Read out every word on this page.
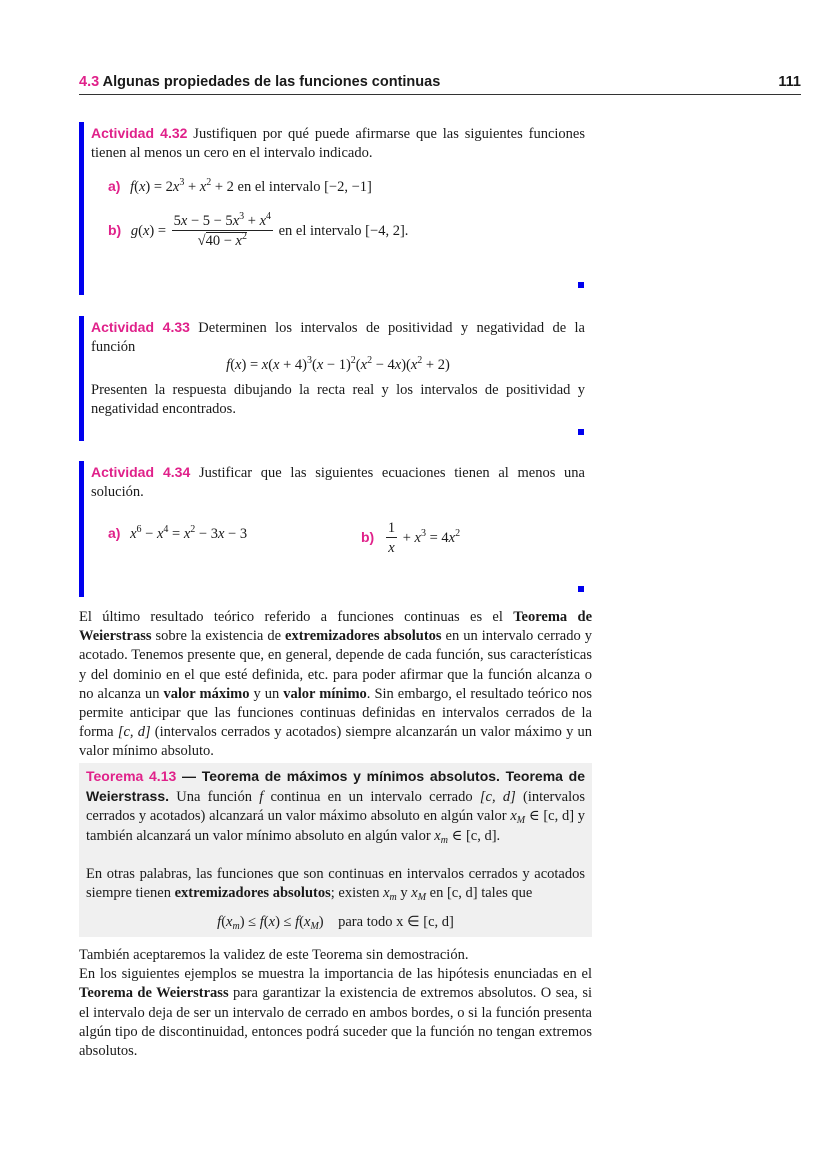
4.3 Algunas propiedades de las funciones continuas	111
Actividad 4.32 Justifiquen por qué puede afirmarse que las siguientes funciones tienen al menos un cero en el intervalo indicado.
a) $f(x) = 2x^3 + x^2 + 2$ en el intervalo [−2, −1]
b) $g(x) = \frac{5x - 5 - 5x^3 + x^4}{√40 - x^2}$ en el intervalo [−4, 2].
Actividad 4.33 Determinen los intervalos de positividad y negatividad de la función
$f(x) = x(x + 4)^3(x - 1)^2(x^2 - 4x)(x^2 + 2)$
Presenten la respuesta dibujando la recta real y los intervalos de positividad y negatividad encontrados.
Actividad 4.34 Justificar que las siguientes ecuaciones tienen al menos una solución.
a) $x^6 - x^4 = x^2 - 3x - 3$	$b) \frac{1}{x} + x^3 = 4x^2$
El último resultado teórico referido a funciones continuas es el Teorema de Weierstrass sobre la existencia de extremizadores absolutos en un intervalo cerrado y acotado. Tenemos presente que, en general, depende de cada función, sus características y del dominio en el que esté definida, etc. para poder afirmar que la función alcanza o no alcanza un valor máximo y un valor mínimo. Sin embargo, el resultado teórico nos permite anticipar que las funciones continuas definidas en intervalos cerrados de la forma [c, d] (intervalos cerrados y acotados) siempre alcanzarán un valor máximo y un valor mínimo absoluto.
Teorema 4.13 — Teorema de máximos y mínimos absolutos. Teorema de Weierstrass. Una función f continua en un intervalo cerrado [c, d] (intervalos cerrados y acotados) alcanzará un valor máximo absoluto en algún valor $x_M$ ∈ [c, d] y también alcanzará un valor mínimo absoluto en algún valor $x_m$ ∈ [c, d].
En otras palabras, las funciones que son continuas en intervalos cerrados y acotados siempre tienen extremizadores absolutos; existen $x_m$ y $x_M$ en [c, d] tales que
$f(x_m) \le f(x) \le f(x_M)$    para todo x ∈ [c, d]
También aceptaremos la validez de este Teorema sin demostración.
En los siguientes ejemplos se muestra la importancia de las hipótesis enunciadas en el Teorema de Weierstrass para garantizar la existencia de extremos absolutos. O sea, si el intervalo deja de ser un intervalo de cerrado en ambos bordes, o si la función presenta algún tipo de discontinuidad, entonces podrá suceder que la función no tengan extremos absolutos.
